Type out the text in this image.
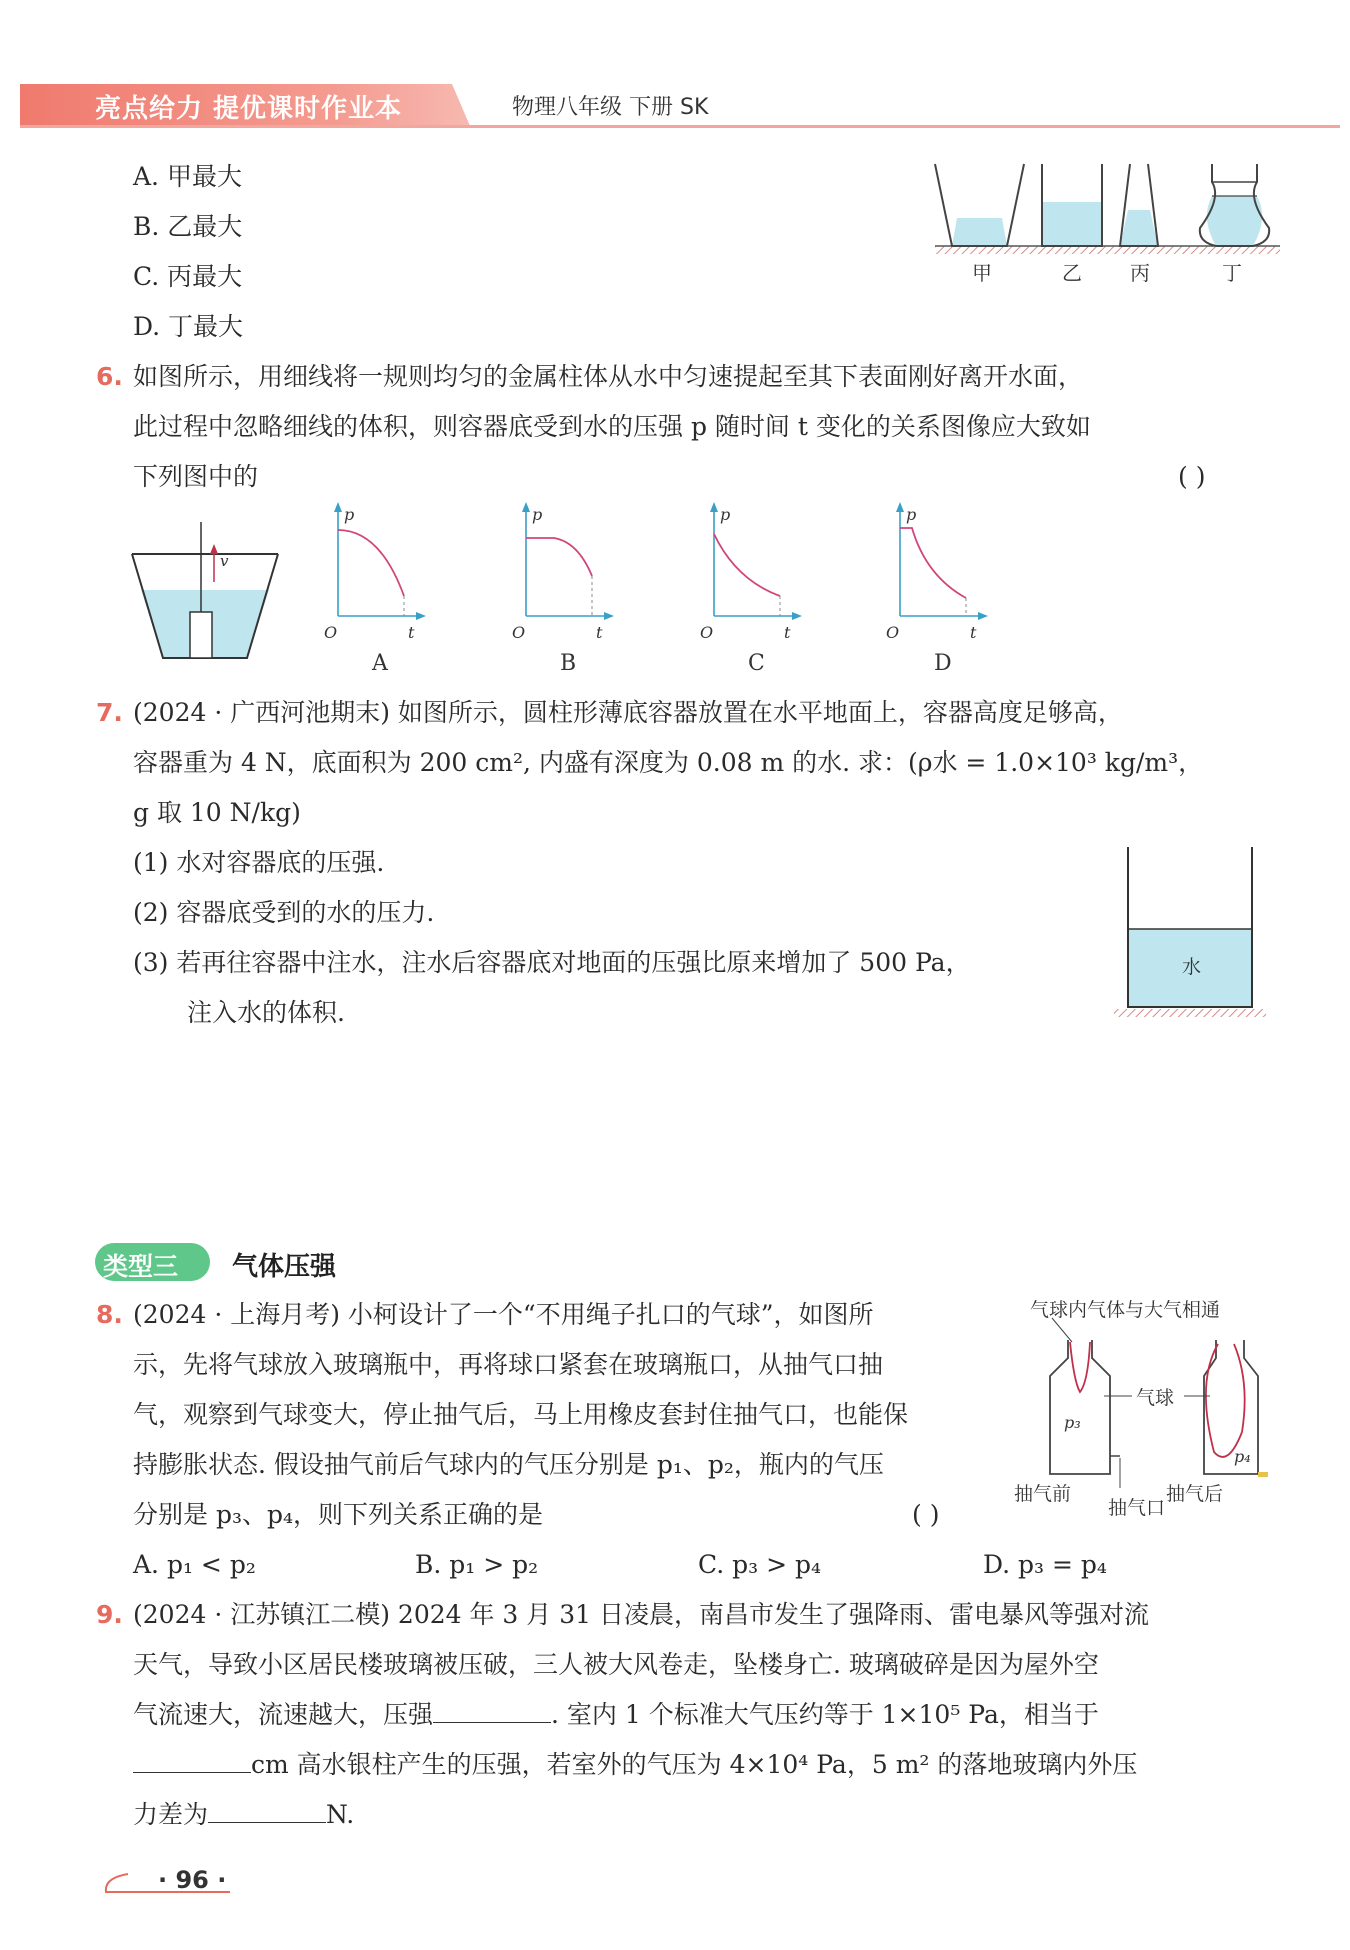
亮点给力 提优课时作业本	物理八年级 下册 SK
A. 甲最大
B. 乙最大
C. 丙最大
D. 丁最大
甲	乙 丙	丁
6. 如图所示，用细线将一规则均匀的金属柱体从水中匀速提起至其下表面刚好离开水面，
此过程中忽略细线的体积，则容器底受到水的压强 p 随时间 t 变化的关系图像应大致如
下列图中的	( )
v
p
t
O
A
p
t
O
B
p
t
O
C
p
t
O
D
7. (2024 · 广西河池期末) 如图所示，圆柱形薄底容器放置在水平地面上，容器高度足够高，
容器重为 4 N，底面积为 200 cm², 内盛有深度为 0.08 m 的水. 求：(ρ水 = 1.0×10³ kg/m³，
g 取 10 N/kg)
(1) 水对容器底的压强.
(2) 容器底受到的水的压力.
(3) 若再往容器中注水，注水后容器底对地面的压强比原来增加了 500 Pa，
注入水的体积.
水
类型三 气体压强
8. (2024 · 上海月考) 小柯设计了一个“不用绳子扎口的气球”，如图所
示，先将气球放入玻璃瓶中，再将球口紧套在玻璃瓶口，从抽气口抽
气，观察到气球变大，停止抽气后，马上用橡皮套封住抽气口，也能保
持膨胀状态. 假设抽气前后气球内的气压分别是 p₁、p₂，瓶内的气压
分别是 p₃、p₄，则下列关系正确的是	( )
A. p₁ < p₂	B. p₁ > p₂	C. p₃ > p₄	D. p₃ = p₄
气球内气体与大气相通
p₃
p₄
气球
抽气前	抽气后
抽气口
9. (2024 · 江苏镇江二模) 2024 年 3 月 31 日凌晨，南昌市发生了强降雨、雷电暴风等强对流
天气，导致小区居民楼玻璃被压破，三人被大风卷走，坠楼身亡. 玻璃破碎是因为屋外空
气流速大，流速越大，压强	. 室内 1 个标准大气压约等于 1×10⁵ Pa，相当于
cm 高水银柱产生的压强，若室外的气压为 4×10⁴ Pa，5 m² 的落地玻璃内外压
力差为	N.
· 96 ·
